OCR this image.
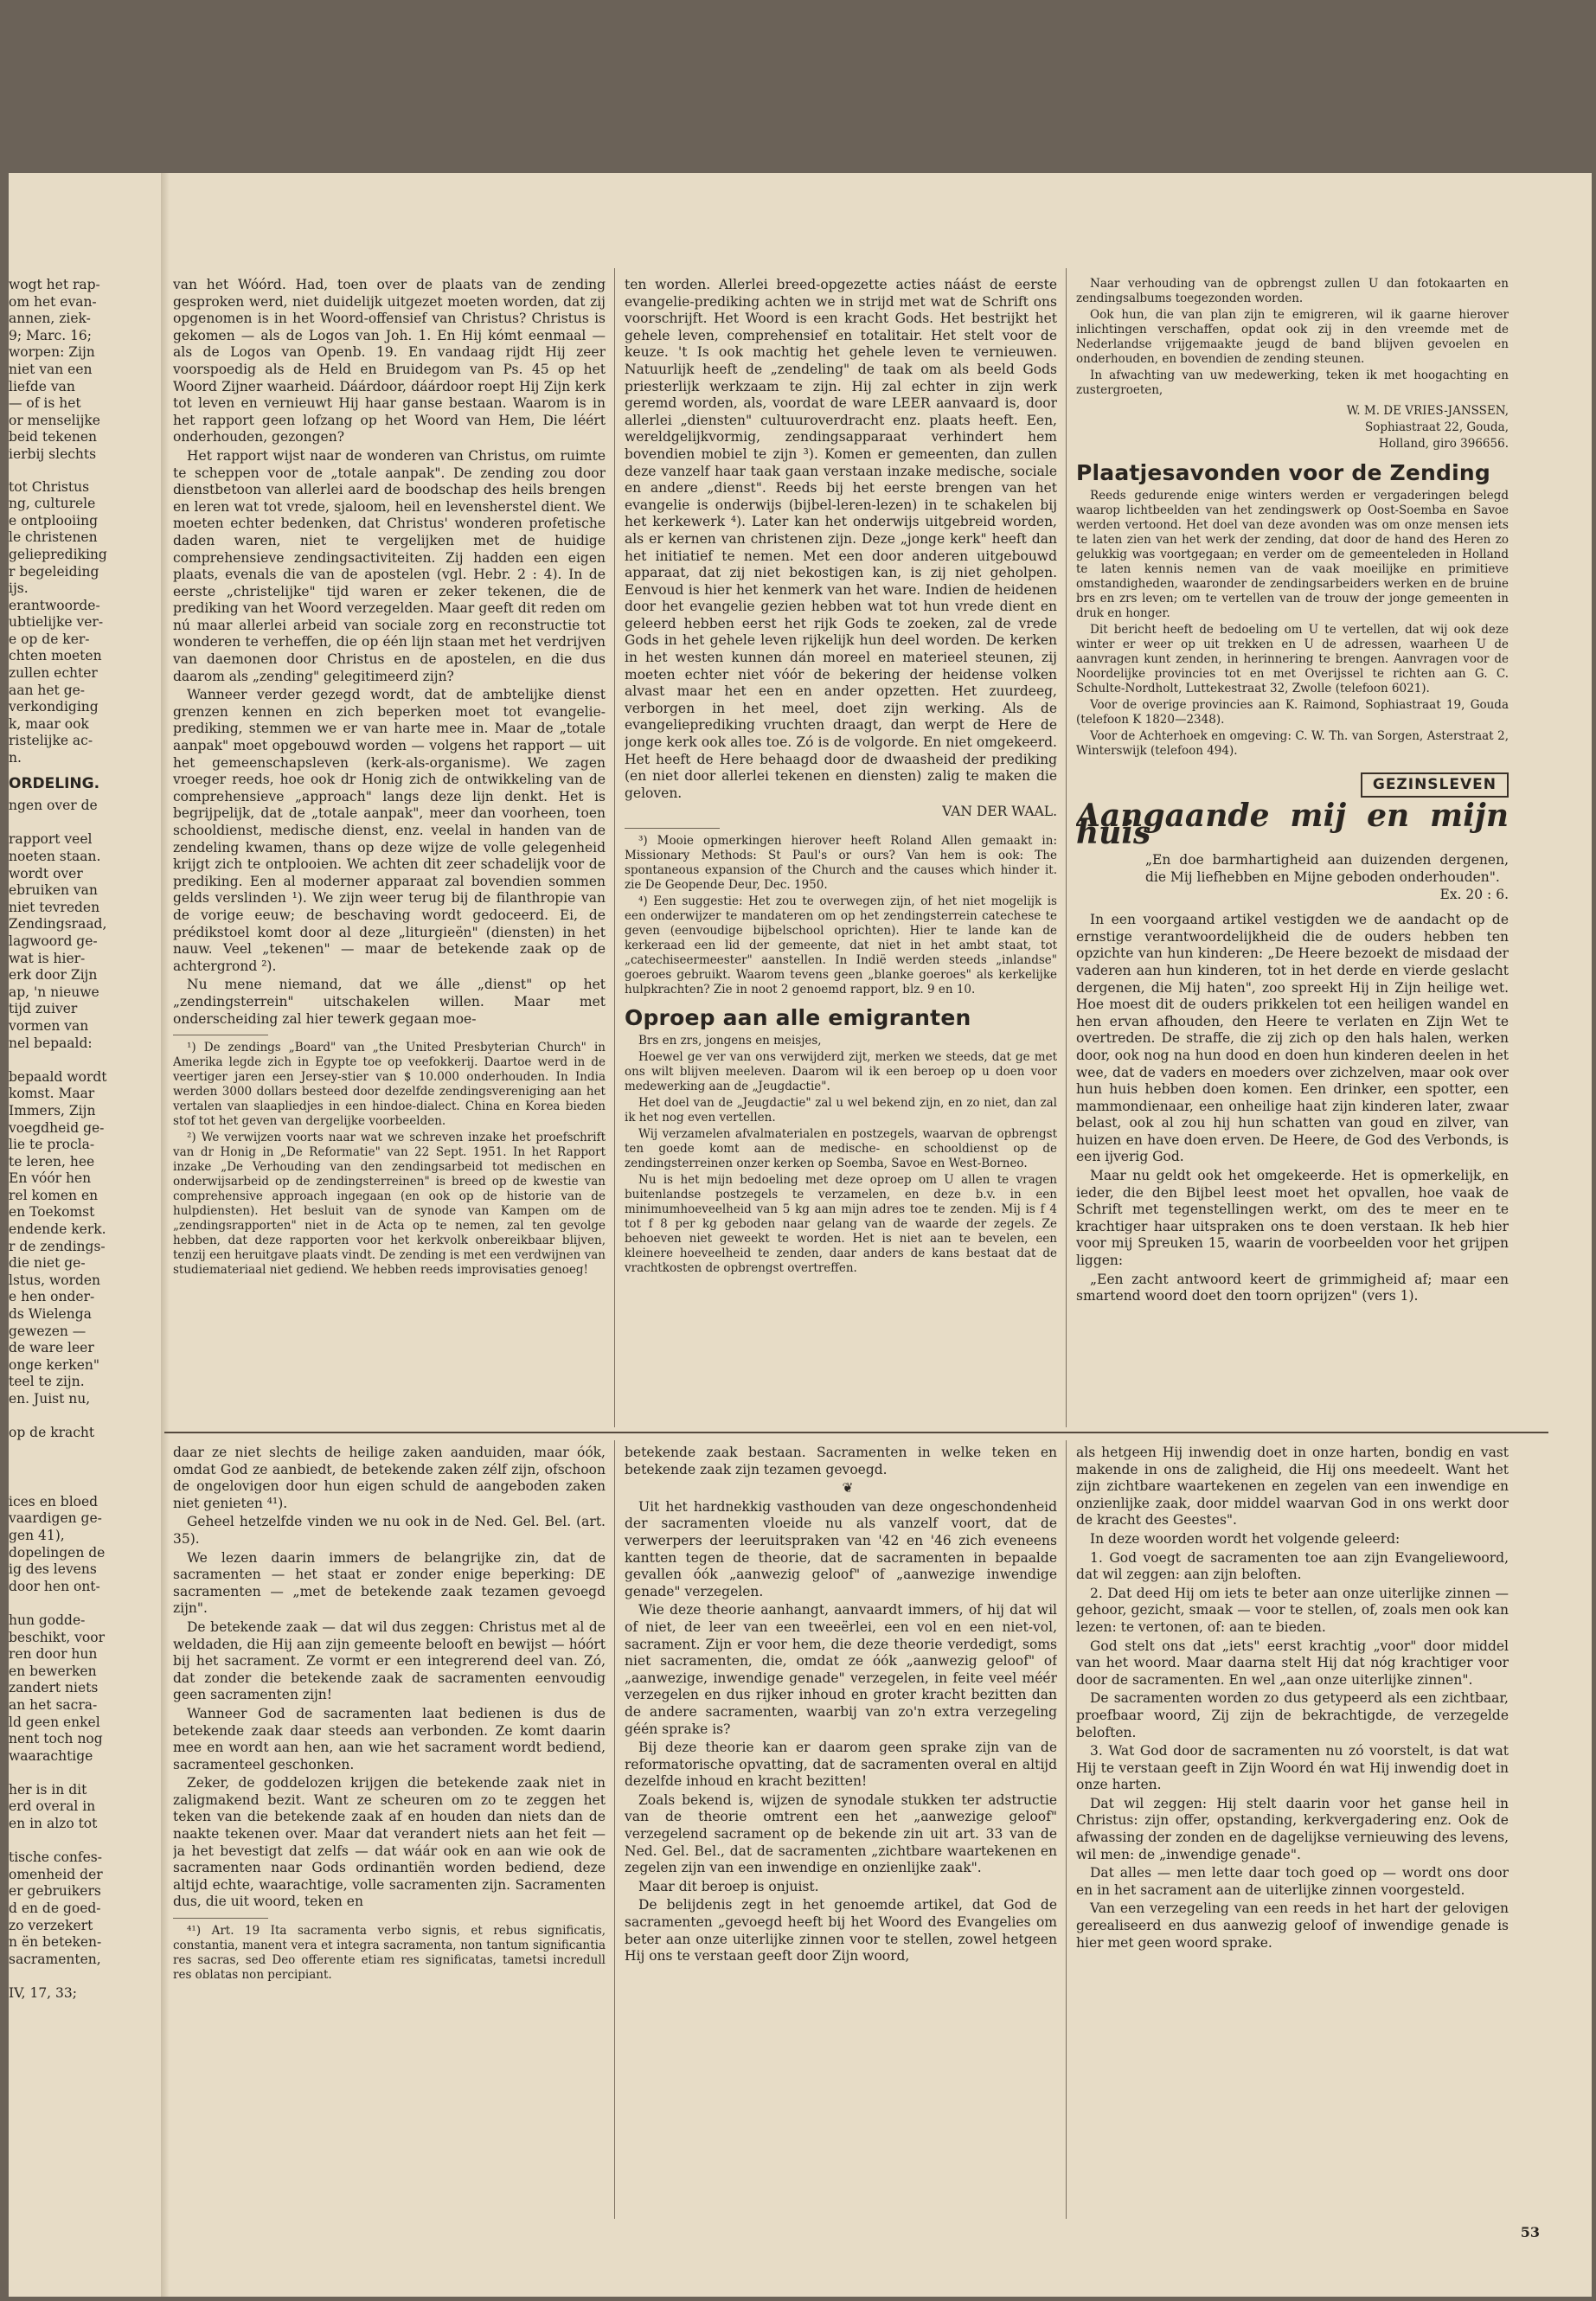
wogt het rap-
om het evan-
annen, ziek-
9; Marc. 16;
worpen: Zijn
niet van een
liefde van
— of is het
or menselijke
beid tekenen
ierbij slechts
tot Christus
ng, culturele
e ontplooiing
le christenen
gelieprediking
r begeleiding
ijs.
erantwoorde-
ubtielijke ver-
e op de ker-
chten moeten
zullen echter
aan het ge-
verkondiging
k, maar ook
ristelijke ac-
n.
ORDELING.
ngen over de

rapport veel
noeten staan.
wordt over
ebruiken van
niet tevreden
Zendingsraad,
lagwoord ge-
wat is hier-
erk door Zijn
ap, 'n nieuwe
tijd zuiver
vormen van
nel bepaald:

bepaald wordt
komst. Maar
Immers, Zijn
voegdheid ge-
lie te procla-
te leren, hee
En vóór hen
rel komen en
en Toekomst
endende kerk.
r de zendings-
die niet ge-
lstus, worden
e hen onder-
ds Wielenga
gewezen —
de ware leer
onge kerken"
teel te zijn.
en. Juist nu,

op de kracht
ices en bloed
vaardigen ge-
gen 41),
dopelingen de
ig des levens
door hen ont-

hun godde-
beschikt, voor
ren door hun
en bewerken
zandert niets
an het sacra-
ld geen enkel
nent toch nog
waarachtige

her is in dit
erd overal in
en in alzo tot

tische confes-
omenheid der
er gebruikers
d en de goed-
zo verzekert
n ën beteken-
sacramenten,

IV, 17, 33;

van het Wóórd. Had, toen over de plaats van de zending gesproken werd, niet duidelijk uitgezet moeten worden, dat zij opgenomen is in het Woord-offensief van Christus? Christus is gekomen — als de Logos van Joh. 1. En Hij kómt eenmaal — als de Logos van Openb. 19. En vandaag rijdt Hij zeer voorspoedig als de Held en Bruidegom van Ps. 45 op het Woord Zijner waarheid. Dáárdoor, dáárdoor roept Hij Zijn kerk tot leven en verniеuwt Hij haar ganse bestaan. Waarom is in het rapport geen lofzang op het Woord van Hem, Die léért onderhouden, gezongen?

Het rapport wijst naar de wonderen van Christus, om ruimte te scheppen voor de „totale aanpak". De zending zou door dienstbetoon van allerlei aard de boodschap des heils brengen en leren wat tot vrede, sjaloom, heil en levensherstel dient. We moeten echter bedenken, dat Christus' wonderen profetische daden waren, niet te vergelijken met de huidige comprehensieve zendingsactiviteiten. Zij hadden een eigen plaats, evenals die van de apostelen (vgl. Hebr. 2 : 4). In de eerste „christelijke" tijd waren er zeker tekenen, die de prediking van het Woord verzegelden. Maar geeft dit reden om nú maar allerlei arbeid van sociale zorg en reconstructie tot wonderen te verheffen, die op één lijn staan met het verdrijven van daemonen door Christus en de apostelen, en die dus daarom als „zending" gelegitimeerd zijn?

Wanneer verder gezegd wordt, dat de ambtelijke dienst grenzen kennen en zich beperken moet tot evangelie-prediking, stemmen we er van harte mee in. Maar de „totale aanpak" moet opgebouwd worden — volgens het rapport — uit het gemeenschapsleven (kerk-als-organisme). We zagen vroeger reeds, hoe ook dr Honig zich de ontwikkeling van de comprehensieve „approach" langs deze lijn denkt. Het is begrijpelijk, dat de „totale aanpak", meer dan voorheen, toen schooldienst, medische dienst, enz. veelal in handen van de zendeling kwamen, thans op deze wijze de volle gelegenheid krijgt zich te ontplooien. We achten dit zeer schadelijk voor de prediking. Een al moderner apparaat zal bovendien sommen gelds verslinden ¹). We zijn weer terug bij de filanthropie van de vorige eeuw; de beschaving wordt gedoceerd. Ei, de prédikstoel komt door al deze „liturgieën" (diensten) in het nauw. Veel „tekenen" — maar de betekende zaak op de achtergrond ²).

Nu mene niemand, dat we álle „dienst" op het „zendingsterrein" uitschakelen willen. Maar met onderscheiding zal hier tewerk gegaan moe-

¹) De zendings „Board" van „the United Presbyterian Church" in Amerika legde zich in Egypte toe op veefokkerij. Daartoe werd in de veertiger jaren een Jersey-stier van $ 10.000 onderhouden. In India werden 3000 dollars besteed door dezelfde zendingsvereniging aan het vertalen van slaapliedjes in een hindoe-dialect. China en Korea bieden stof tot het geven van dergelijke voorbeelden.

²) We verwijzen voorts naar wat we schreven inzake het proefschrift van dr Honig in „De Reformatie" van 22 Sept. 1951. In het Rapport inzake „De Verhouding van den zendingsarbeid tot medischen en onderwijsarbeid op de zendingsterreinen" is breed op de kwestie van comprehensive approach ingegaan (en ook op de historie van de hulpdiensten). Het besluit van de synode van Kampen om de „zendingsrapporten" niet in de Acta op te nemen, zal ten gevolge hebben, dat deze rapporten voor het kerkvolk onbereikbaar blijven, tenzij een heruitgave plaats vindt. De zending is met een verdwijnen van studiemateriaal niet gediend. We hebben reeds improvisaties genoeg!

ten worden. Allerlei breed-opgezette acties náást de eerste evangelie-prediking achten we in strijd met wat de Schrift ons voorschrijft. Het Woord is een kracht Gods. Het bestrijkt het gehele leven, comprehensief en totalitair. Het stelt voor de keuze. 't Is ook machtig het gehele leven te vernieuwen. Natuurlijk heeft de „zendeling" de taak om als beeld Gods priesterlijk werkzaam te zijn. Hij zal echter in zijn werk geremd worden, als, voordat de ware LEER aanvaard is, door allerlei „diensten" cultuuroverdracht enz. plaats heeft. Een, wereldgelijkvormig, zendingsapparaat verhindert hem bovendien mobiel te zijn ³). Komen er gemeenten, dan zullen deze vanzelf haar taak gaan verstaan inzake medische, sociale en andere „dienst". Reeds bij het eerste brengen van het evangelie is onderwijs (bijbel-leren-lezen) in te schakelen bij het kerkewerk ⁴). Later kan het onderwijs uitgebreid worden, als er kernen van christenen zijn. Deze „jonge kerk" heeft dan het initiatief te nemen. Met een door anderen uitgebouwd apparaat, dat zij niet bekostigen kan, is zij niet geholpen. Eenvoud is hier het kenmerk van het ware. Indien de heidenen door het evangelie gezien hebben wat tot hun vrede dient en geleerd hebben eerst het rijk Gods te zoeken, zal de vrede Gods in het gehele leven rijkelijk hun deel worden. De kerken in het westen kunnen dán moreel en materieel steunen, zij moeten echter niet vóór de bekering der heidense volken alvast maar het een en ander opzetten. Het zuurdeeg, verborgen in het meel, doet zijn werking. Als de evangelieprediking vruchten draagt, dan werpt de Here de jonge kerk ook alles toe. Zó is de volgorde. En niet omgekeerd. Het heeft de Here behaagd door de dwaasheid der prediking (en niet door allerlei tekenen en diensten) zalig te maken die geloven.

VAN DER WAAL.

³) Mooie opmerkingen hierover heeft Roland Allen gemaakt in: Missionary Methods: St Paul's or ours? Van hem is ook: The spontaneous expansion of the Church and the causes which hinder it. zie De Geopende Deur, Dec. 1950.

⁴) Een suggestie: Het zou te overwegen zijn, of het niet mogelijk is een onderwijzer te mandateren om op het zendingsterrein catechese te geven (eenvoudige bijbelschool oprichten). Hier te lande kan de kerkeraad een lid der gemeente, dat niet in het ambt staat, tot „catechiseermeester" aanstellen. In Indië werden steeds „inlandse" goeroes gebruikt. Waarom tevens geen „blanke goeroes" als kerkelijke hulpkrachten? Zie in noot 2 genoemd rapport, blz. 9 en 10.

Oproep aan alle emigranten

Brs en zrs, jongens en meisjes,

Hoewel ge ver van ons verwijderd zijt, merken we steeds, dat ge met ons wilt blijven meeleven. Daarom wil ik een beroep op u doen voor medewerking aan de „Jeugdactie".

Het doel van de „Jeugdactie" zal u wel bekend zijn, en zo niet, dan zal ik het nog even vertellen.

Wij verzamelen afvalmaterialen en postzegels, waarvan de opbrengst ten goede komt aan de medische- en schooldienst op de zendingsterreinen onzer kerken op Soemba, Savoe en West-Borneo.

Nu is het mijn bedoeling met deze oproep om U allen te vragen buitenlandse postzegels te verzamelen, en deze b.v. in een minimumhoeveelheid van 5 kg aan mijn adres toe te zenden. Mij is f 4 tot f 8 per kg geboden naar gelang van de waarde der zegels. Ze behoeven niet geweekt te worden. Het is niet aan te bevelen, een kleinere hoeveelheid te zenden, daar anders de kans bestaat dat de vrachtkosten de opbrengst overtreffen.

Naar verhouding van de opbrengst zullen U dan fotokaarten en zendingsalbums toegezonden worden.

Ook hun, die van plan zijn te emigreren, wil ik gaarne hierover inlichtingen verschaffen, opdat ook zij in den vreemde met de Nederlandse vrijgemaakte jeugd de band blijven gevoelen en onderhouden, en bovendien de zending steunen.

In afwachting van uw medewerking, teken ik met hoogachting en zustergroeten,

W. M. DE VRIES-JANSSEN,
Sophiastraat 22, Gouda,
Holland, giro 396656.
Plaatjesavonden voor de Zending

Reeds gedurende enige winters werden er vergaderingen belegd waarop lichtbeelden van het zendingswerk op Oost-Soemba en Savoe werden vertoond. Het doel van deze avonden was om onze mensen iets te laten zien van het werk der zending, dat door de hand des Heren zo gelukkig was voortgegaan; en verder om de gemeenteleden in Holland te laten kennis nemen van de vaak moeilijke en primitieve omstandigheden, waaronder de zendingsarbeiders werken en de bruine brs en zrs leven; om te vertellen van de trouw der jonge gemeenten in druk en honger.

Dit bericht heeft de bedoeling om U te vertellen, dat wij ook deze winter er weer op uit trekken en U de adressen, waarheen U de aanvragen kunt zenden, in herinnering te brengen. Aanvragen voor de Noordelijke provincies tot en met Overijssel te richten aan G. C. Schulte-Nordholt, Luttekestraat 32, Zwolle (telefoon 6021).

Voor de overige provincies aan K. Raimond, Sophiastraat 19, Gouda (telefoon K 1820—2348).

Voor de Achterhoek en omgeving: C. W. Th. van Sorgen, Asterstraat 2, Winterswijk (telefoon 494).

GEZINSLEVEN
Aangaande mij en mijn huis
„En doe barmhartigheid aan duizenden dergenen, die Mij liefhebben en Mijne geboden onderhouden".
Ex. 20 : 6.

In een voorgaand artikel vestigden we de aandacht op de ernstige verantwoordelijkheid die de ouders hebben ten opzichte van hun kinderen: „De Heere bezoekt de misdaad der vaderen aan hun kinderen, tot in het derde en vierde geslacht dergenen, die Mij haten", zoo spreekt Hij in Zijn heilige wet. Hoe moest dit de ouders prikkelen tot een heiligen wandel en hen ervan afhouden, den Heere te verlaten en Zijn Wet te overtreden. De straffe, die zij zich op den hals halen, werken door, ook nog na hun dood en doen hun kinderen deelen in het wee, dat de vaders en moeders over zichzelven, maar ook over hun huis hebben doen komen. Een drinker, een spotter, een mammondienaar, een onheilige haat zijn kinderen later, zwaar belast, ook al zou hij hun schatten van goud en zilver, van huizen en have doen erven. De Heere, de God des Verbonds, is een ijverig God.

Maar nu geldt ook het omgekeerde. Het is opmerkelijk, en ieder, die den Bijbel leest moet het opvallen, hoe vaak de Schrift met tegenstellingen werkt, om des te meer en te krachtiger haar uitspraken ons te doen verstaan. Ik heb hier voor mij Spreuken 15, waarin de voorbeelden voor het grijpen liggen:

„Een zacht antwoord keert de grimmigheid af; maar een smartend woord doet den toorn oprijzen" (vers 1).

daar ze niet slechts de heilige zaken aanduiden, maar óók, omdat God ze aanbiedt, de betekende zaken zélf zijn, ofschoon de ongelovigen door hun eigen schuld de aangeboden zaken niet genieten ⁴¹).

Geheel hetzelfde vinden we nu ook in de Ned. Gel. Bel. (art. 35).

We lezen daarin immers de belangrijke zin, dat de sacramenten — het staat er zonder enige beperking: DE sacramenten — „met de betekende zaak tezamen gevoegd zijn".

De betekende zaak — dat wil dus zeggen: Christus met al de weldaden, die Hij aan zijn gemeente belooft en bewijst — hóórt bij het sacrament. Ze vormt er een integrerend deel van. Zó, dat zonder die betekende zaak de sacramenten eenvoudig geen sacramenten zijn!

Wanneer God de sacramenten laat bedienen is dus de betekende zaak daar steeds aan verbonden. Ze komt daarin mee en wordt aan hen, aan wie het sacrament wordt bediend, sacramenteel geschonken.

Zeker, de goddelozen krijgen die betekende zaak niet in zaligmakend bezit. Want ze scheuren om zo te zeggen het teken van die betekende zaak af en houden dan niets dan de naakte tekenen over. Maar dat verandert niets aan het feit — ja het bevestigt dat zelfs — dat wáár ook en aan wie ook de sacramenten naar Gods ordinantiën worden bediend, deze altijd echte, waarachtige, volle sacramenten zijn. Sacramenten dus, die uit woord, teken en

⁴¹) Art. 19 Ita sacramenta verbo signis, et rebus significatis, constantia, manent vera et integra sacramenta, non tantum significantia res sacras, sed Deo offerente etiam res significatas, tametsi incredull res oblatas non percipiant.

betekende zaak bestaan. Sacramenten in welke teken en betekende zaak zijn tezamen gevoegd.

❦

Uit het hardnekkig vasthouden van deze ongeschondenheid der sacramenten vloeide nu als vanzelf voort, dat de verwerpers der leeruitspraken van '42 en '46 zich eveneens kantten tegen de theorie, dat de sacramenten in bepaalde gevallen óók „aanwezig geloof" of „aanwezige inwendige genade" verzegelen.

Wie deze theorie aanhangt, aanvaardt immers, of hij dat wil of niet, de leer van een tweeërlei, een vol en een niet-vol, sacrament. Zijn er voor hem, die deze theorie verdedigt, soms niet sacramenten, die, omdat ze óók „aanwezig geloof" of „aanwezige, inwendige genade" verzegelen, in feite veel méér verzegelen en dus rijker inhoud en groter kracht bezitten dan de andere sacramenten, waarbij van zo'n extra verzegeling géén sprake is?

Bij deze theorie kan er daarom geen sprake zijn van de reformatorische opvatting, dat de sacramenten overal en altijd dezelfde inhoud en kracht bezitten!

Zoals bekend is, wijzen de synodale stukken ter adstructie van de theorie omtrent een het „aanwezige geloof" verzegelend sacrament op de bekende zin uit art. 33 van de Ned. Gel. Bel., dat de sacramenten „zichtbare waartekenen en zegelen zijn van een inwendige en onzienlijke zaak".

Maar dit beroep is onjuist.

De belijdenis zegt in het genoemde artikel, dat God de sacramenten „gevoegd heeft bij het Woord des Evangelies om beter aan onze uiterlijke zinnen voor te stellen, zowel hetgeen Hij ons te verstaan geeft door Zijn woord,

als hetgeen Hij inwendig doet in onze harten, bondig en vast makende in ons de zaligheid, die Hij ons meedeelt. Want het zijn zichtbare waartekenen en zegelen van een inwendige en onzienlijke zaak, door middel waarvan God in ons werkt door de kracht des Geestes".

In deze woorden wordt het volgende geleerd:

1. God voegt de sacramenten toe aan zijn Evangeliewoord, dat wil zeggen: aan zijn beloften.

2. Dat deed Hij om iets te beter aan onze uiterlijke zinnen — gehoor, gezicht, smaak — voor te stellen, of, zoals men ook kan lezen: te vertonen, of: aan te bieden.

God stelt ons dat „iets" eerst krachtig „voor" door middel van het woord. Maar daarna stelt Hij dat nóg krachtiger voor door de sacramenten. En wel „aan onze uiterlijke zinnen".

De sacramenten worden zo dus getypeerd als een zichtbaar, proefbaar woord, Zij zijn de bekrachtigde, de verzegelde beloften.

3. Wat God door de sacramenten nu zó voorstelt, is dat wat Hij te verstaan geeft in Zijn Woord én wat Hij inwendig doet in onze harten.

Dat wil zeggen: Hij stelt daarin voor het ganse heil in Christus: zijn offer, opstanding, kerkvergadering enz. Ook de afwassing der zonden en de dagelijkse vernieuwing des levens, wil men: de „inwendige genade".

Dat alles — men lette daar toch goed op — wordt ons door en in het sacrament aan de uiterlijke zinnen voorgesteld.

Van een verzegeling van een reeds in het hart der gelovigen gerealiseerd en dus aanwezig geloof of inwendige genade is hier met geen woord sprake.

53
